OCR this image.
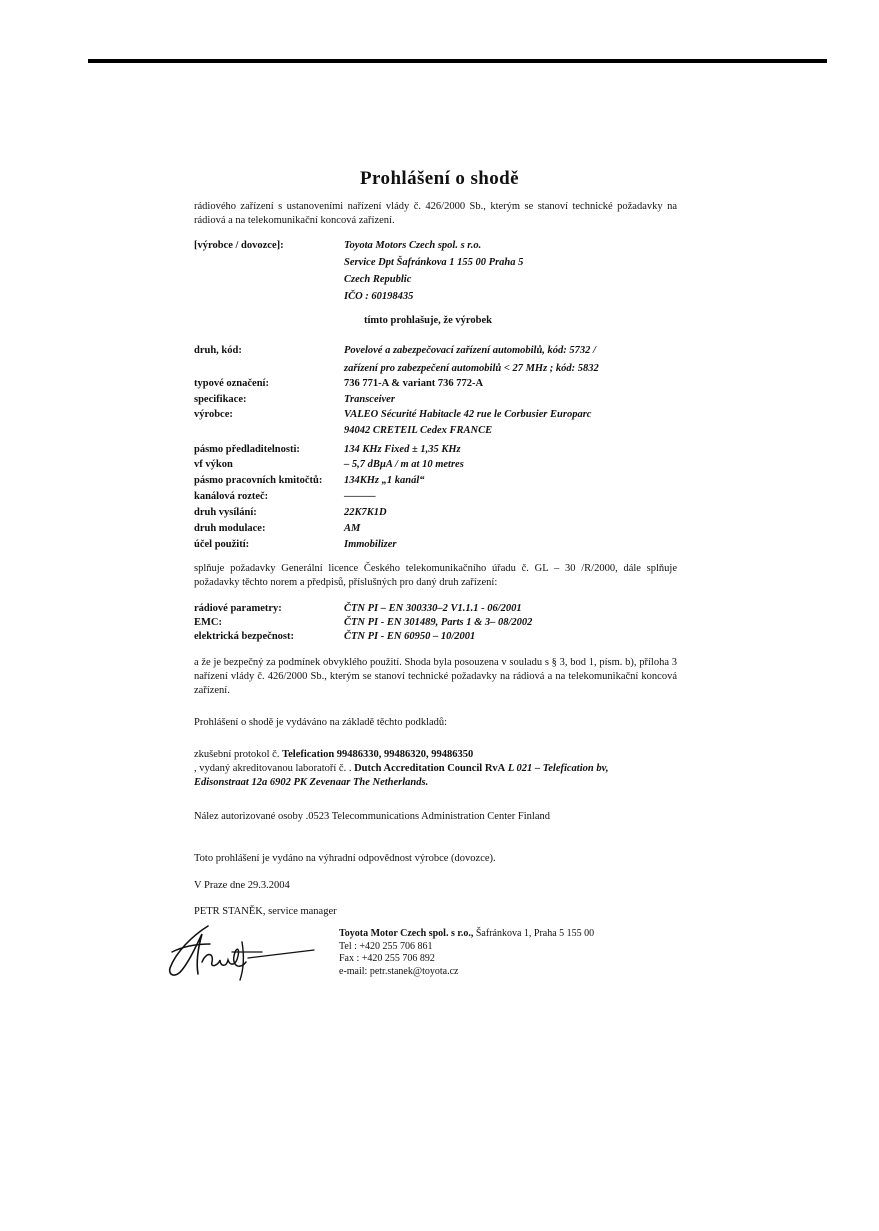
Prohlášení o shodě
rádiového zařízení s ustanoveními nařízení vlády č. 426/2000 Sb., kterým se stanoví technické požadavky na rádiová a na telekomunikační koncová zařízení.
[výrobce / dovozce]:	Toyota Motors Czech spol. s r.o.
Service Dpt Šafránkova 1 155 00 Praha 5
Czech Republic
IČO : 60198435
tímto prohlašuje, že výrobek
druh, kód:	Povelové a zabezpečovací zařízení automobilů, kód: 5732 /
zařízení pro zabezpečení automobilů < 27 MHz ; kód: 5832
typové označení:	736 771-A & variant 736 772-A
specifikace:	Transceiver
výrobce:	VALEO Sécurité Habitacle 42 rue le Corbusier Europarc
94042 CRETEIL Cedex FRANCE
pásmo předladitelnosti:	134 KHz Fixed ± 1,35 KHz
vf výkon	– 5,7 dBµA / m at 10 metres
pásmo pracovních kmitočtů: 134KHz „1 kanál“
kanálová rozteč:	———
druh vysílání:	22K7K1D
druh modulace:	AM
účel použití:	Immobilizer
splňuje požadavky Generální licence Českého telekomunikačního úřadu č. GL – 30 /R/2000, dále splňuje požadavky těchto norem a předpisů, příslušných pro daný druh zařízení:
rádiové parametry:	ČTN PI – EN 300330–2 V1.1.1 - 06/2001
EMC:	ČTN PI - EN 301489, Parts 1 & 3– 08/2002
elektrická bezpečnost:	ČTN PI - EN 60950 – 10/2001
a že je bezpečný za podmínek obvyklého použití. Shoda byla posouzena v souladu s § 3, bod 1, písm. b), příloha 3 nařízení vlády č. 426/2000 Sb., kterým se stanoví technické požadavky na rádiová a na telekomunikační koncová zařízení.
Prohlášení o shodě je vydáváno na základě těchto podkladů:
zkušební protokol č. Telefication 99486330, 99486320, 99486350
, vydaný akreditovanou laboratoří č. . Dutch Accreditation Council RvA L 021 – Telefication bv,
Edisonstraat 12a 6902 PK Zevenaar The Netherlands.
Nález autorizované osoby .0523 Telecommunications Administration Center Finland
Toto prohlášení je vydáno na výhradní odpovědnost výrobce (dovozce).
V Praze dne 29.3.2004
PETR STANĚK, service manager
Toyota Motor Czech spol. s r.o., Šafránkova 1, Praha 5 155 00
Tel : +420 255 706 861
Fax : +420 255 706 892
e-mail: petr.stanek@toyota.cz
